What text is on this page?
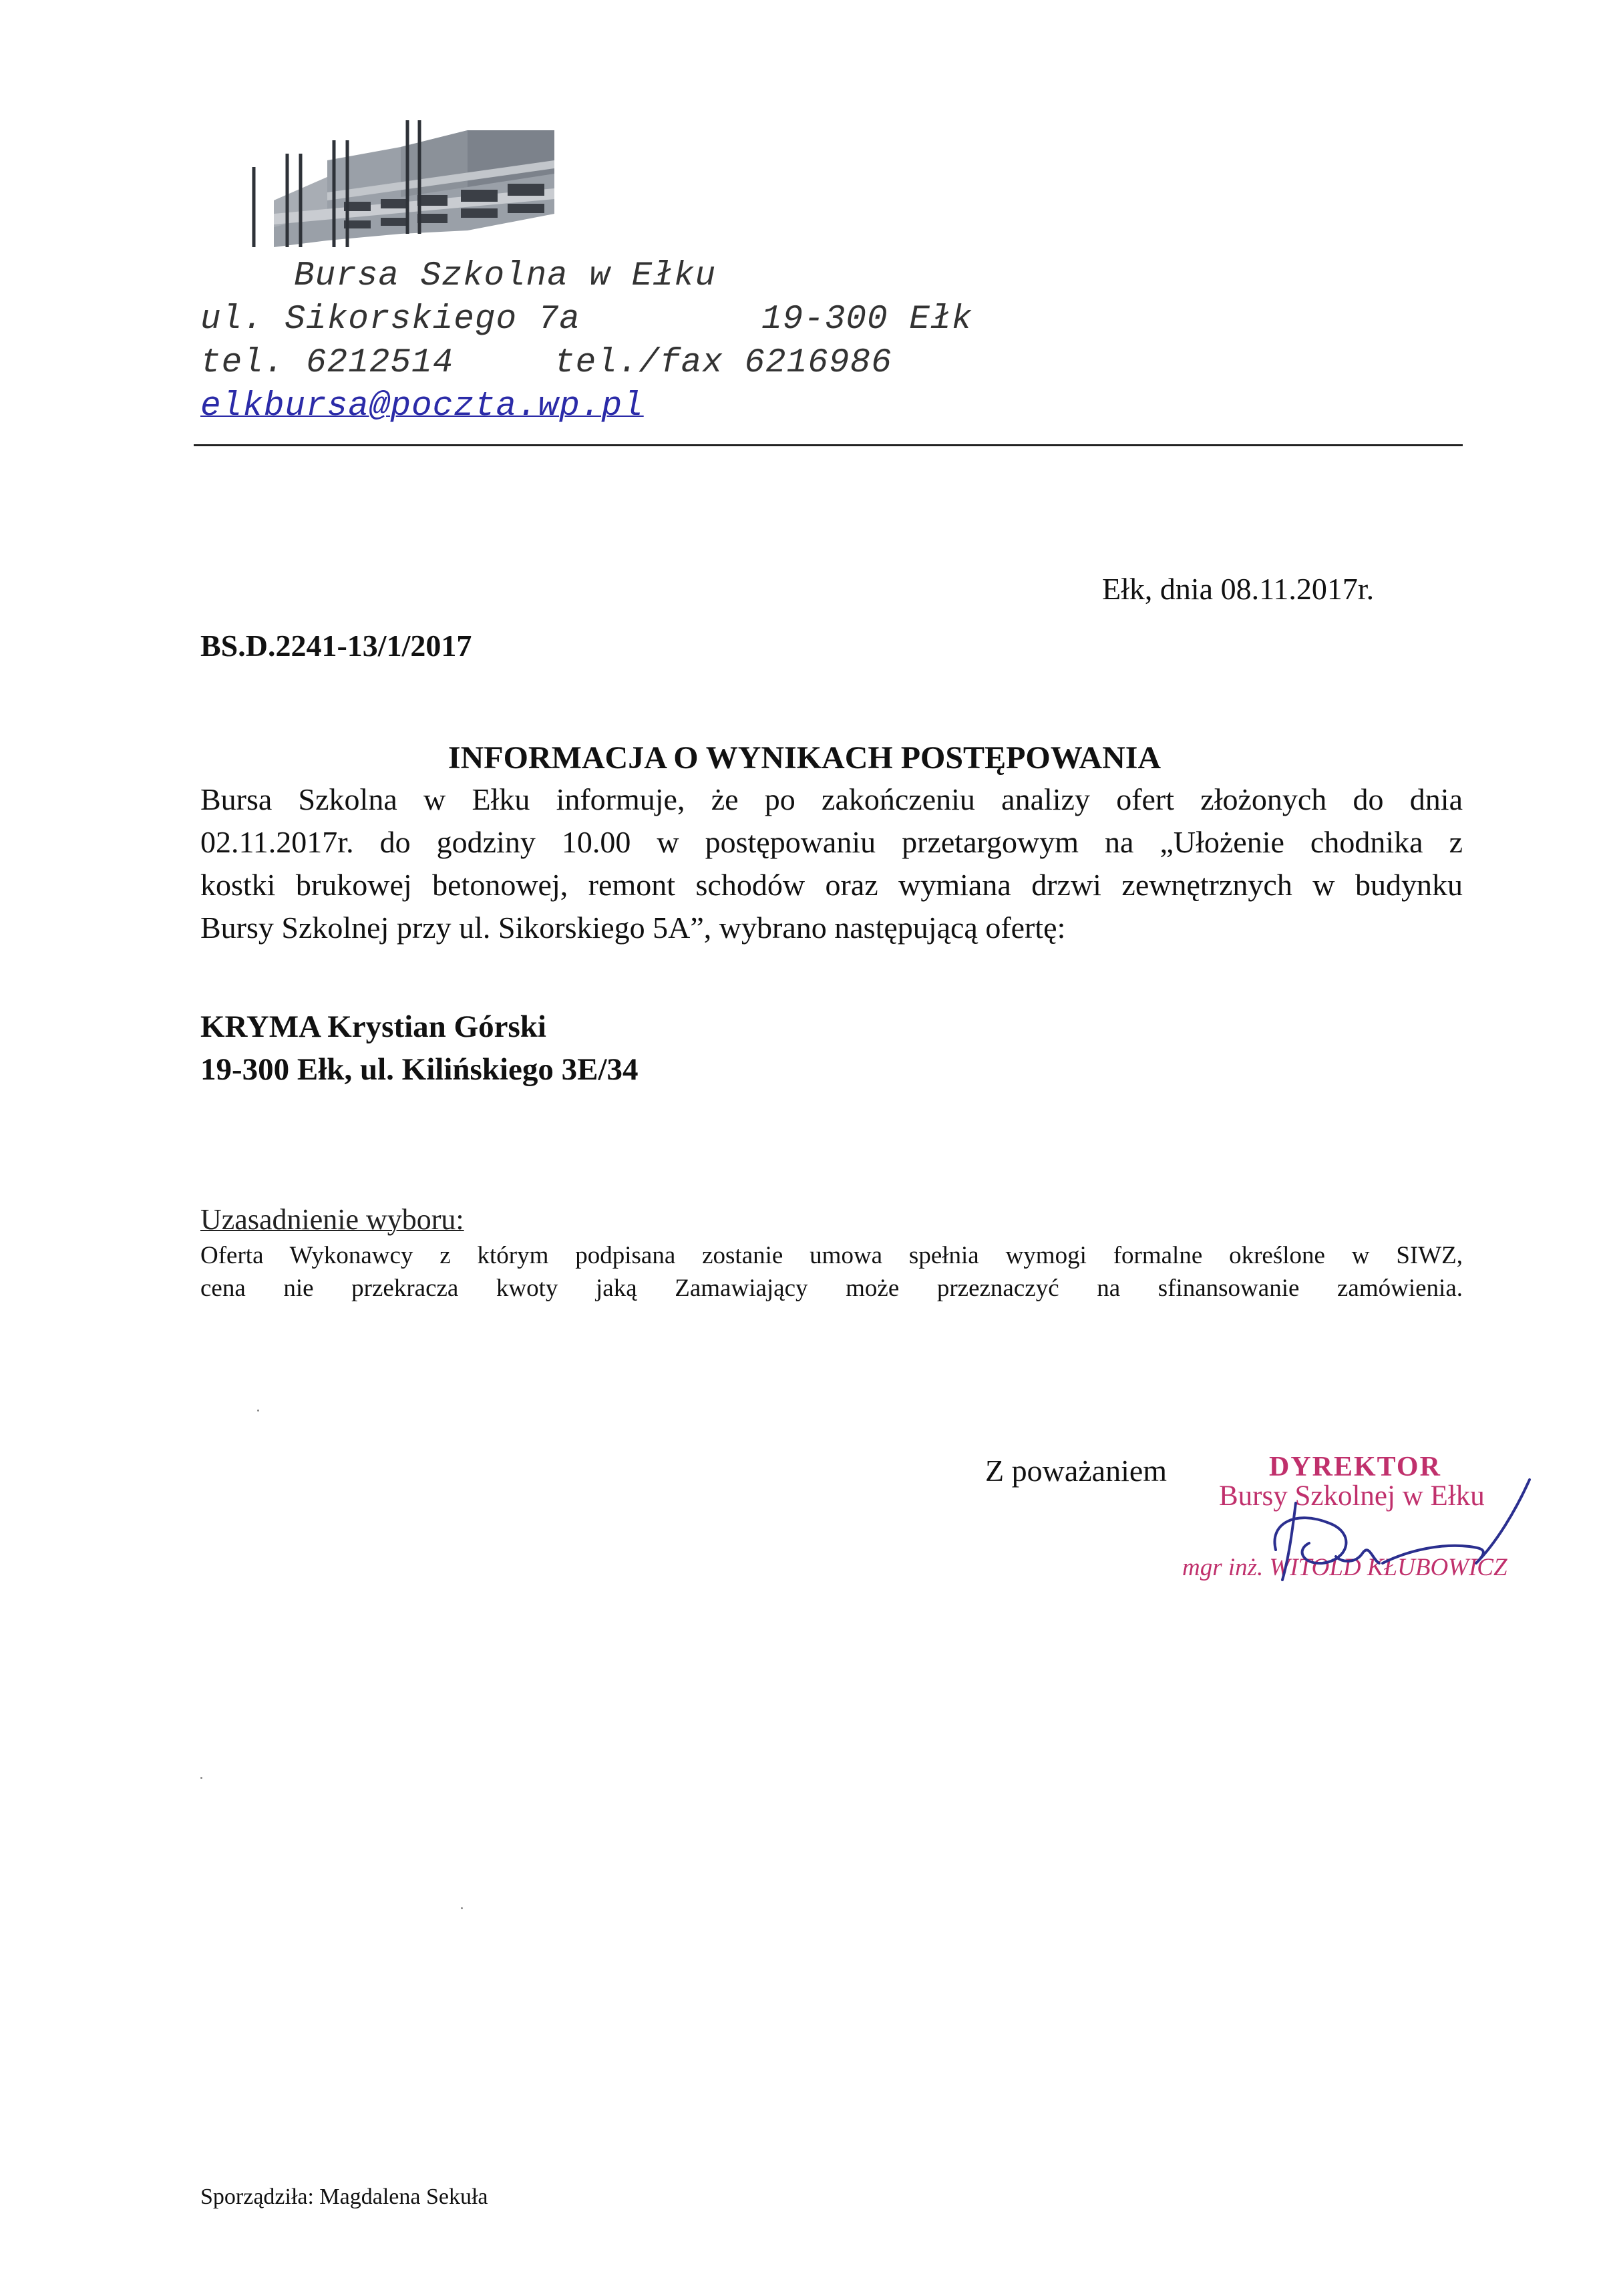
Bursa Szkolna w Ełku
ul. Sikorskiego 7a	19-300 Ełk
tel. 6212514	tel./fax 6216986
elkbursa@poczta.wp.pl
Ełk, dnia 08.11.2017r.
BS.D.2241-13/1/2017
INFORMACJA O WYNIKACH POSTĘPOWANIA
Bursa Szkolna w Ełku informuje, że po zakończeniu analizy ofert złożonych do dnia
02.11.2017r. do godziny 10.00 w postępowaniu przetargowym na „Ułożenie chodnika z
kostki brukowej betonowej, remont schodów oraz wymiana drzwi zewnętrznych w budynku
Bursy Szkolnej przy ul. Sikorskiego 5A”, wybrano następującą ofertę:
KRYMA Krystian Górski
19-300 Ełk, ul. Kilińskiego 3E/34
Uzasadnienie wyboru:
Oferta Wykonawcy z którym podpisana zostanie umowa spełnia wymogi formalne określone w SIWZ,
cena nie przekracza kwoty jaką Zamawiający może przeznaczyć na sfinansowanie zamówienia.
Z poważaniem	DYREKTOR
Bursy Szkolnej w Ełku
mgr inż. WITOLD KŁUBOWICZ
Sporządziła: Magdalena Sekuła
